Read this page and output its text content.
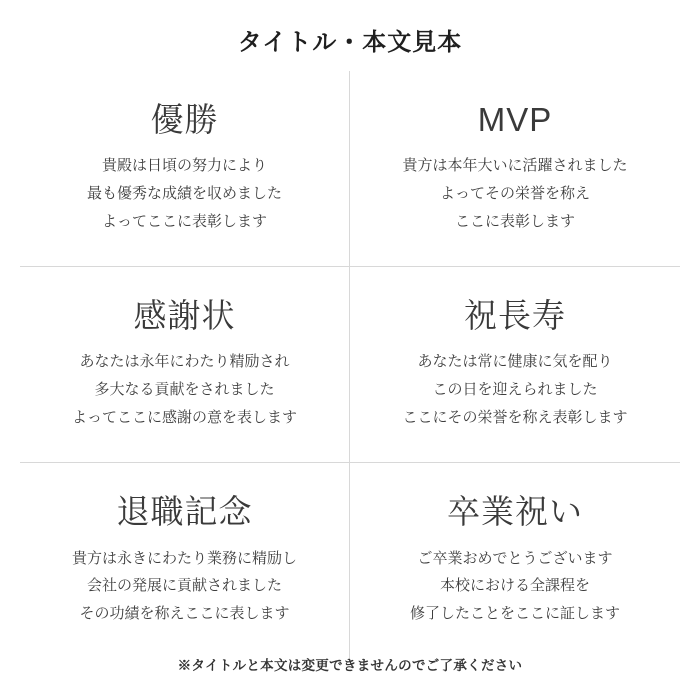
タイトル・本文見本
優勝
貴殿は日頃の努力により
最も優秀な成績を収めました
よってここに表彰します
MVP
貴方は本年大いに活躍されました
よってその栄誉を称え
ここに表彰します
感謝状
あなたは永年にわたり精励され
多大なる貢献をされました
よってここに感謝の意を表します
祝長寿
あなたは常に健康に気を配り
この日を迎えられました
ここにその栄誉を称え表彰します
退職記念
貴方は永きにわたり業務に精励し
会社の発展に貢献されました
その功績を称えここに表します
卒業祝い
ご卒業おめでとうございます
本校における全課程を
修了したことをここに証します
※タイトルと本文は変更できませんのでご了承ください
